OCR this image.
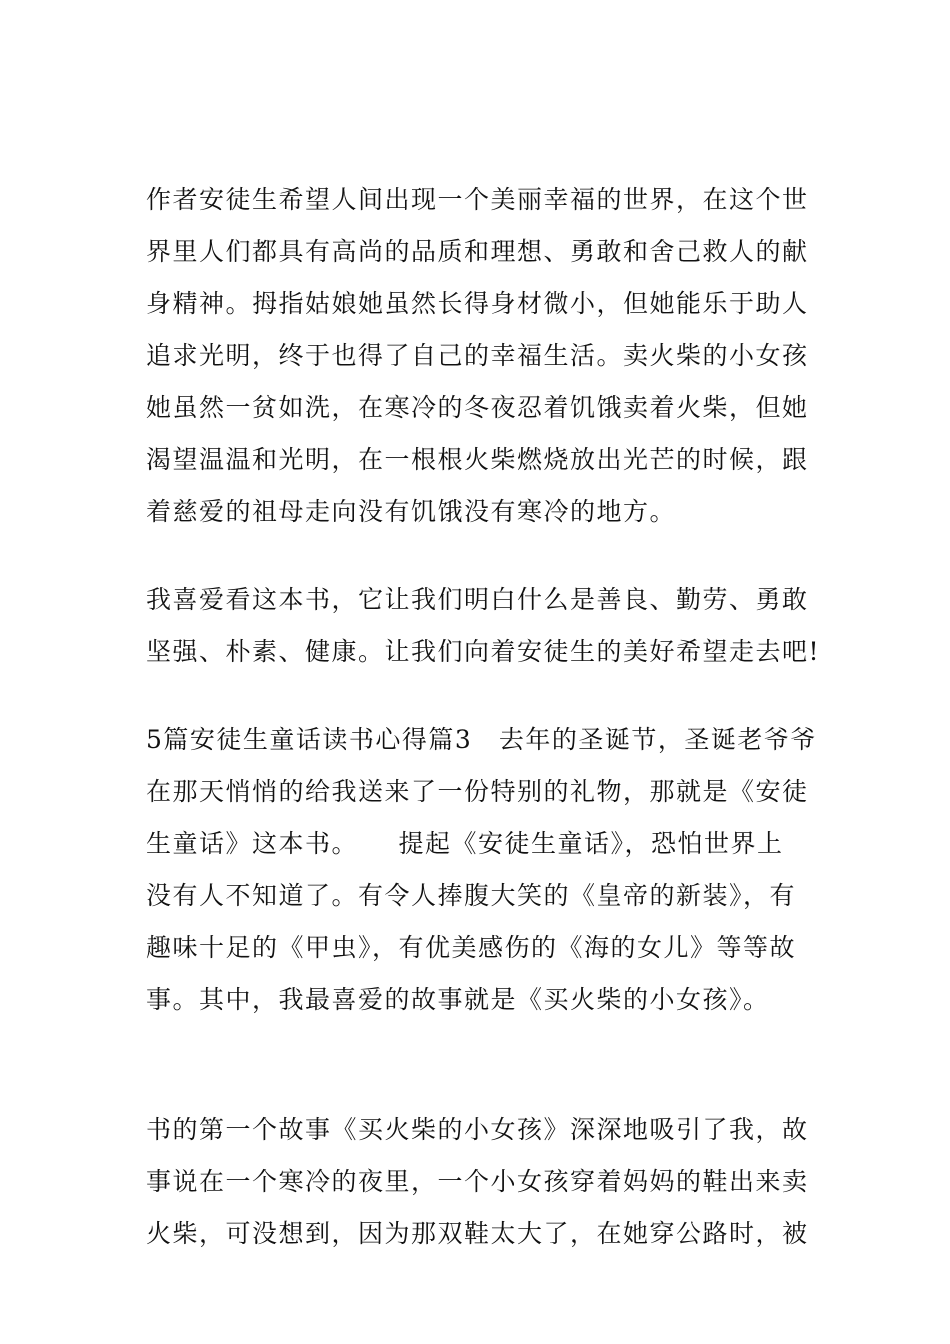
作者安徒生希望人间出现一个美丽幸福的世界，在这个世
界里人们都具有高尚的品质和理想、勇敢和舍己救人的献
身精神。拇指姑娘她虽然长得身材微小，但她能乐于助人
追求光明，终于也得了自己的幸福生活。卖火柴的小女孩
她虽然一贫如洗，在寒冷的冬夜忍着饥饿卖着火柴，但她
渴望温温和光明，在一根根火柴燃烧放出光芒的时候，跟
着慈爱的祖母走向没有饥饿没有寒冷的地方。
我喜爱看这本书，它让我们明白什么是善良、勤劳、勇敢
坚强、朴素、健康。让我们向着安徒生的美好希望走去吧!
5篇安徒生童话读书心得篇3　去年的圣诞节，圣诞老爷爷
在那天悄悄的给我送来了一份特别的礼物，那就是《安徒
生童话》这本书。　　提起《安徒生童话》，恐怕世界上
没有人不知道了。有令人捧腹大笑的《皇帝的新装》，有
趣味十足的《甲虫》，有优美感伤的《海的女儿》等等故
事。其中，我最喜爱的故事就是《买火柴的小女孩》。
书的第一个故事《买火柴的小女孩》深深地吸引了我，故
事说在一个寒冷的夜里，一个小女孩穿着妈妈的鞋出来卖
火柴，可没想到，因为那双鞋太大了，在她穿公路时，被
